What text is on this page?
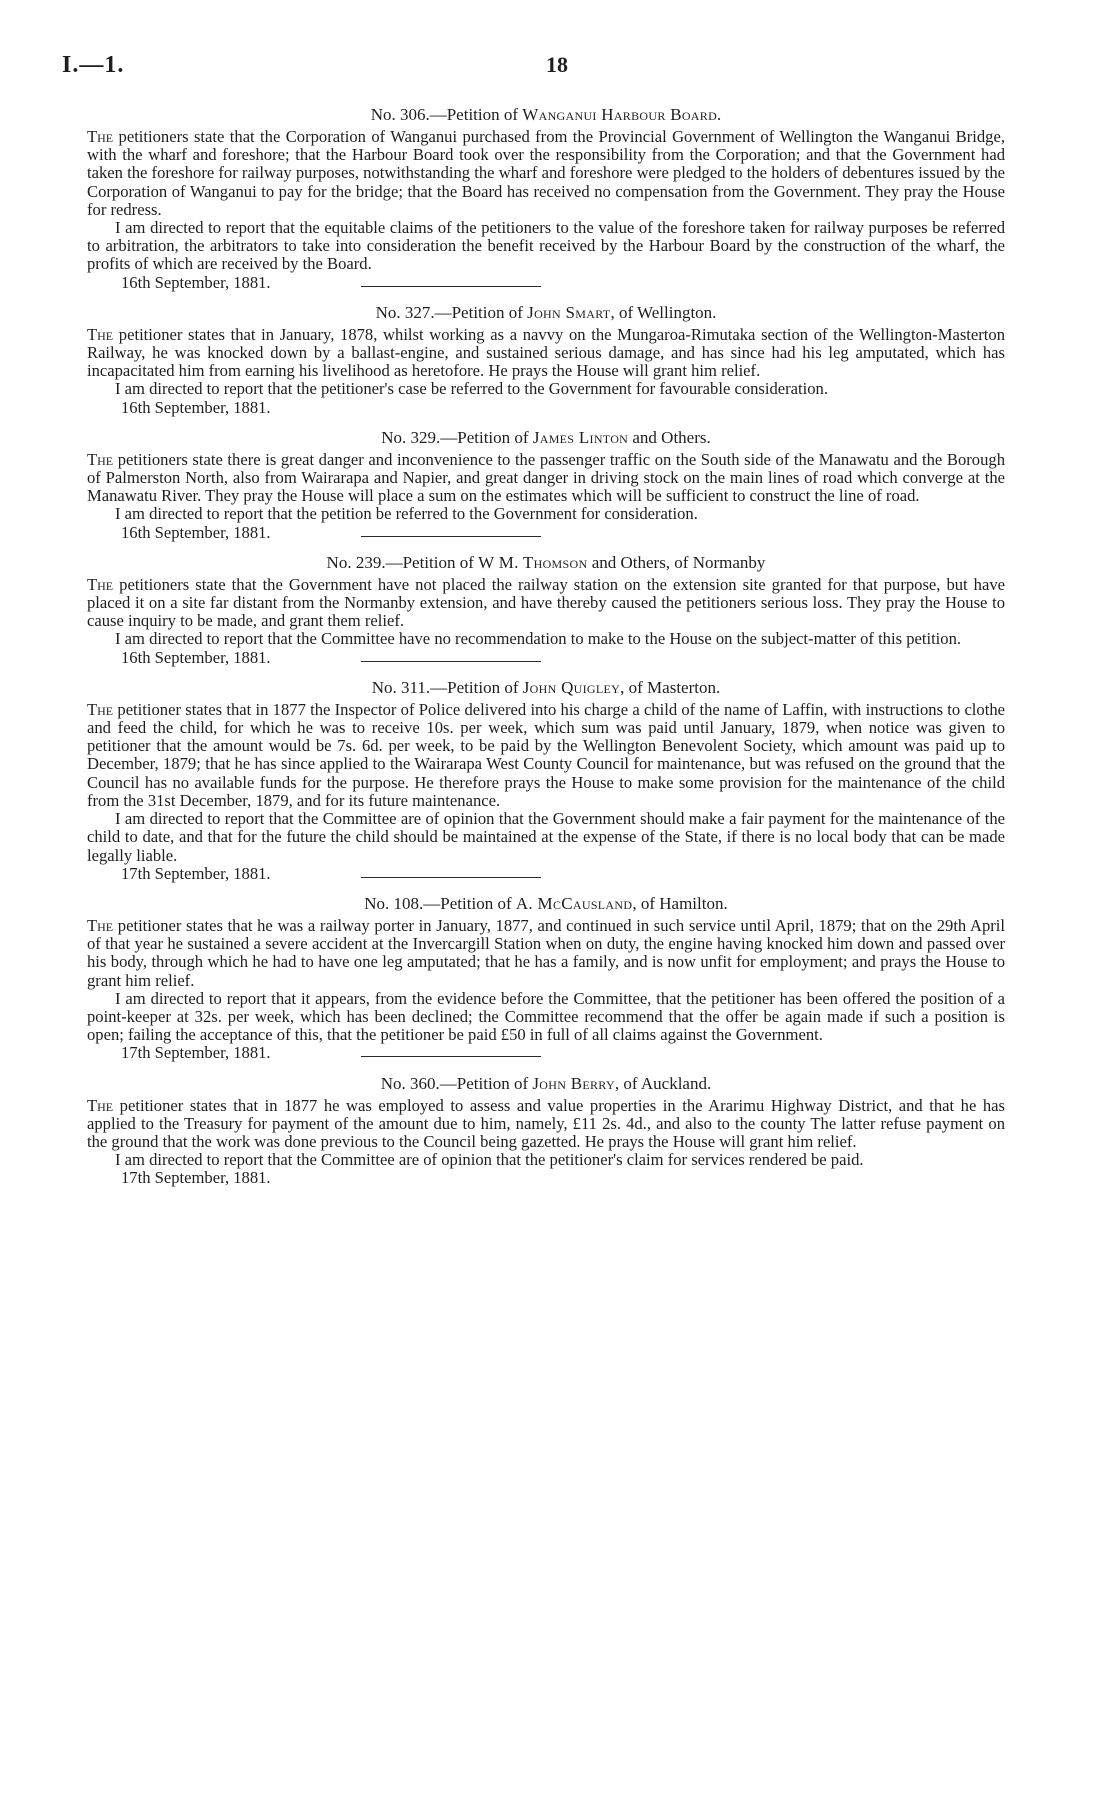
I.—1.	18
No. 306.—Petition of Wanganui Harbour Board.

The petitioners state that the Corporation of Wanganui purchased from the Provincial Government of Wellington the Wanganui Bridge, with the wharf and foreshore; that the Harbour Board took over the responsibility from the Corporation; and that the Government had taken the foreshore for railway purposes, notwithstanding the wharf and foreshore were pledged to the holders of debentures issued by the Corporation of Wanganui to pay for the bridge; that the Board has received no compensation from the Government. They pray the House for redress.

I am directed to report that the equitable claims of the petitioners to the value of the foreshore taken for railway purposes be referred to arbitration, the arbitrators to take into consideration the benefit received by the Harbour Board by the construction of the wharf, the profits of which are received by the Board.

16th September, 1881.
No. 327.—Petition of John Smart, of Wellington.

The petitioner states that in January, 1878, whilst working as a navvy on the Mungaroa-Rimutaka section of the Wellington-Masterton Railway, he was knocked down by a ballast-engine, and sustained serious damage, and has since had his leg amputated, which has incapacitated him from earning his livelihood as heretofore. He prays the House will grant him relief.

I am directed to report that the petitioner's case be referred to the Government for favourable consideration.

16th September, 1881.
No. 329.—Petition of James Linton and Others.

The petitioners state there is great danger and inconvenience to the passenger traffic on the South side of the Manawatu and the Borough of Palmerston North, also from Wairarapa and Napier, and great danger in driving stock on the main lines of road which converge at the Manawatu River. They pray the House will place a sum on the estimates which will be sufficient to construct the line of road.

I am directed to report that the petition be referred to the Government for consideration.

16th September, 1881.
No. 239.—Petition of W M. Thomson and Others, of Normanby

The petitioners state that the Government have not placed the railway station on the extension site granted for that purpose, but have placed it on a site far distant from the Normanby extension, and have thereby caused the petitioners serious loss. They pray the House to cause inquiry to be made, and grant them relief.

I am directed to report that the Committee have no recommendation to make to the House on the subject-matter of this petition.

16th September, 1881.
No. 311.—Petition of John Quigley, of Masterton.

The petitioner states that in 1877 the Inspector of Police delivered into his charge a child of the name of Laffin, with instructions to clothe and feed the child, for which he was to receive 10s. per week, which sum was paid until January, 1879, when notice was given to petitioner that the amount would be 7s. 6d. per week, to be paid by the Wellington Benevolent Society, which amount was paid up to December, 1879; that he has since applied to the Wairarapa West County Council for maintenance, but was refused on the ground that the Council has no available funds for the purpose. He therefore prays the House to make some provision for the maintenance of the child from the 31st December, 1879, and for its future maintenance.

I am directed to report that the Committee are of opinion that the Government should make a fair payment for the maintenance of the child to date, and that for the future the child should be maintained at the expense of the State, if there is no local body that can be made legally liable.

17th September, 1881.
No. 108.—Petition of A. McCausland, of Hamilton.

The petitioner states that he was a railway porter in January, 1877, and continued in such service until April, 1879; that on the 29th April of that year he sustained a severe accident at the Invercargill Station when on duty, the engine having knocked him down and passed over his body, through which he had to have one leg amputated; that he has a family, and is now unfit for employment; and prays the House to grant him relief.

I am directed to report that it appears, from the evidence before the Committee, that the petitioner has been offered the position of a point-keeper at 32s. per week, which has been declined; the Committee recommend that the offer be again made if such a position is open; failing the acceptance of this, that the petitioner be paid £50 in full of all claims against the Government.

17th September, 1881.
No. 360.—Petition of John Berry, of Auckland.

The petitioner states that in 1877 he was employed to assess and value properties in the Ararimu Highway District, and that he has applied to the Treasury for payment of the amount due to him, namely, £11 2s. 4d., and also to the county The latter refuse payment on the ground that the work was done previous to the Council being gazetted. He prays the House will grant him relief.

I am directed to report that the Committee are of opinion that the petitioner's claim for services rendered be paid.

17th September, 1881.
